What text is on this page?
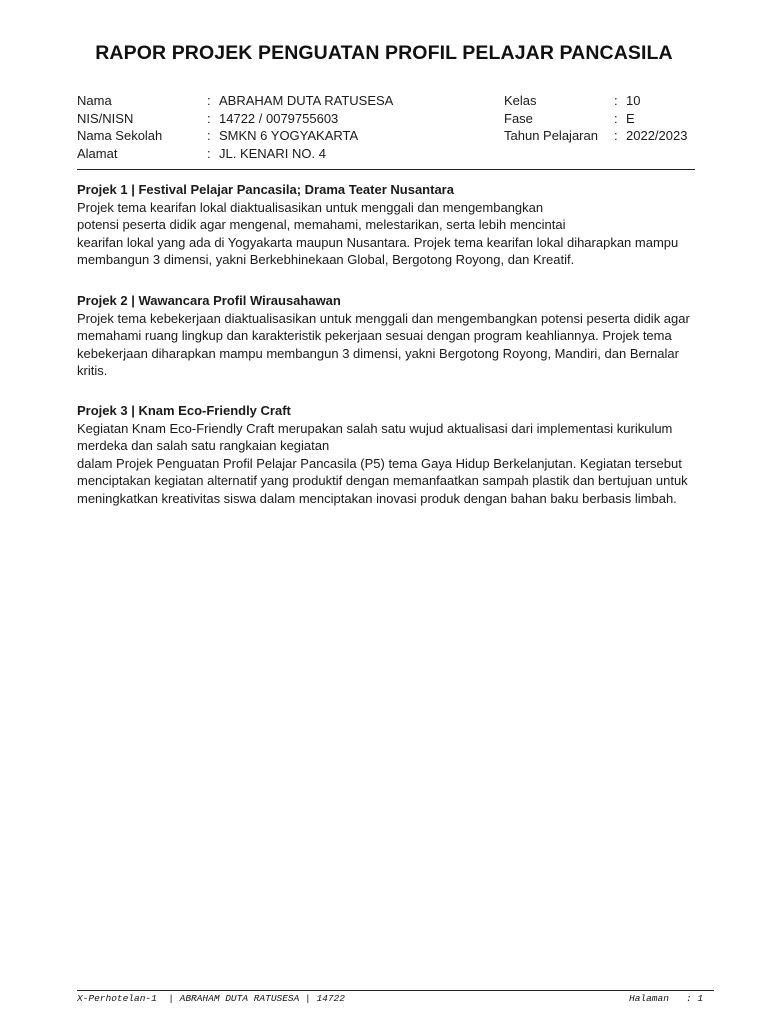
RAPOR PROJEK PENGUATAN PROFIL PELAJAR PANCASILA
Nama	: ABRAHAM DUTA RATUSESA	Kelas	: 10
NIS/NISN	: 14722 / 0079755603	Fase	: E
Nama Sekolah	: SMKN 6 YOGYAKARTA	Tahun Pelajaran : 2022/2023
Alamat	: JL. KENARI NO. 4
Projek 1 | Festival Pelajar Pancasila; Drama Teater Nusantara
Projek tema kearifan lokal diaktualisasikan untuk menggali dan mengembangkan
potensi peserta didik agar mengenal, memahami, melestarikan, serta lebih mencintai
kearifan lokal yang ada di Yogyakarta maupun Nusantara. Projek tema kearifan lokal diharapkan mampu
membangun 3 dimensi, yakni Berkebhinekaan Global, Bergotong Royong, dan Kreatif.
Projek 2 | Wawancara Profil Wirausahawan
Projek tema kebekerjaan diaktualisasikan untuk menggali dan mengembangkan potensi peserta didik agar
memahami ruang lingkup dan karakteristik pekerjaan sesuai dengan program keahliannya. Projek tema
kebekerjaan diharapkan mampu membangun 3 dimensi, yakni Bergotong Royong, Mandiri, dan Bernalar
kritis.
Projek 3 | Knam Eco-Friendly Craft
Kegiatan Knam Eco-Friendly Craft merupakan salah satu wujud aktualisasi dari implementasi kurikulum
merdeka dan salah satu rangkaian kegiatan
dalam Projek Penguatan Profil Pelajar Pancasila (P5) tema Gaya Hidup Berkelanjutan. Kegiatan tersebut
menciptakan kegiatan alternatif yang produktif dengan memanfaatkan sampah plastik dan bertujuan untuk
meningkatkan kreativitas siswa dalam menciptakan inovasi produk dengan bahan baku berbasis limbah.
X-Perhotelan-1  | ABRAHAM DUTA RATUSESA | 14722	Halaman   : 1
